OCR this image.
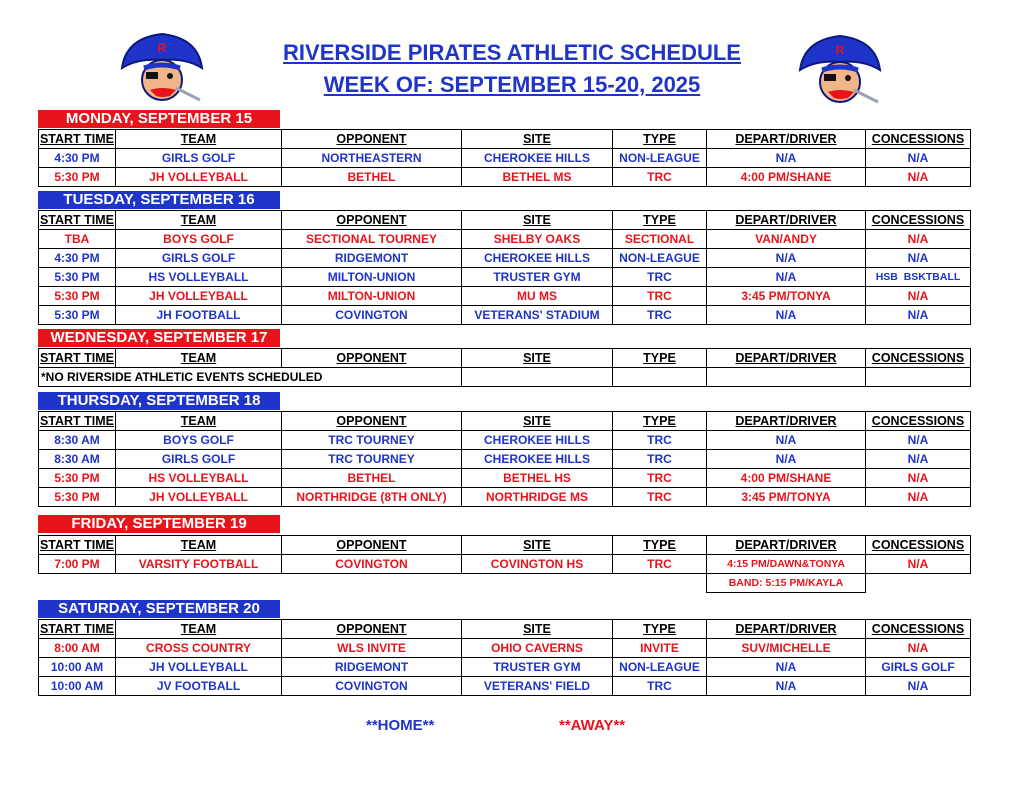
R	R
RIVERSIDE PIRATES ATHLETIC SCHEDULE
WEEK OF: SEPTEMBER 15-20, 2025
MONDAY, SEPTEMBER 15
START TIME	TEAM	OPPONENT	SITE	TYPE	DEPART/DRIVER	CONCESSIONS
4:30 PM	GIRLS GOLF	NORTHEASTERN	CHEROKEE HILLS	NON-LEAGUE	N/A	N/A
5:30 PM	JH VOLLEYBALL	BETHEL	BETHEL MS	TRC	4:00 PM/SHANE	N/A
TUESDAY, SEPTEMBER 16
START TIME	TEAM	OPPONENT	SITE	TYPE	DEPART/DRIVER	CONCESSIONS
TBA	BOYS GOLF	SECTIONAL TOURNEY	SHELBY OAKS	SECTIONAL	VAN/ANDY	N/A
4:30 PM	GIRLS GOLF	RIDGEMONT	CHEROKEE HILLS	NON-LEAGUE	N/A	N/A
5:30 PM	HS VOLLEYBALL	MILTON-UNION	TRUSTER GYM	TRC	N/A	HSB  BSKTBALL
5:30 PM	JH VOLLEYBALL	MILTON-UNION	MU MS	TRC	3:45 PM/TONYA	N/A
5:30 PM	JH FOOTBALL	COVINGTON	VETERANS' STADIUM	TRC	N/A	N/A
WEDNESDAY, SEPTEMBER 17
START TIME	TEAM	OPPONENT	SITE	TYPE	DEPART/DRIVER	CONCESSIONS
*NO RIVERSIDE ATHLETIC EVENTS SCHEDULED						
THURSDAY, SEPTEMBER 18
START TIME	TEAM	OPPONENT	SITE	TYPE	DEPART/DRIVER	CONCESSIONS
8:30 AM	BOYS GOLF	TRC TOURNEY	CHEROKEE HILLS	TRC	N/A	N/A
8:30 AM	GIRLS GOLF	TRC TOURNEY	CHEROKEE HILLS	TRC	N/A	N/A
5:30 PM	HS VOLLEYBALL	BETHEL	BETHEL HS	TRC	4:00 PM/SHANE	N/A
5:30 PM	JH VOLLEYBALL	NORTHRIDGE (8TH ONLY)	NORTHRIDGE MS	TRC	3:45 PM/TONYA	N/A
FRIDAY, SEPTEMBER 19
START TIME	TEAM	OPPONENT	SITE	TYPE	DEPART/DRIVER	CONCESSIONS
7:00 PM	VARSITY FOOTBALL	COVINGTON	COVINGTON HS	TRC	4:15 PM/DAWN&TONYA	N/A
					BAND: 5:15 PM/KAYLA	
SATURDAY, SEPTEMBER 20
START TIME	TEAM	OPPONENT	SITE	TYPE	DEPART/DRIVER	CONCESSIONS
8:00 AM	CROSS COUNTRY	WLS INVITE	OHIO CAVERNS	INVITE	SUV/MICHELLE	N/A
10:00 AM	JH VOLLEYBALL	RIDGEMONT	TRUSTER GYM	NON-LEAGUE	N/A	GIRLS GOLF
10:00 AM	JV FOOTBALL	COVINGTON	VETERANS' FIELD	TRC	N/A	N/A
**HOME**	**AWAY**
